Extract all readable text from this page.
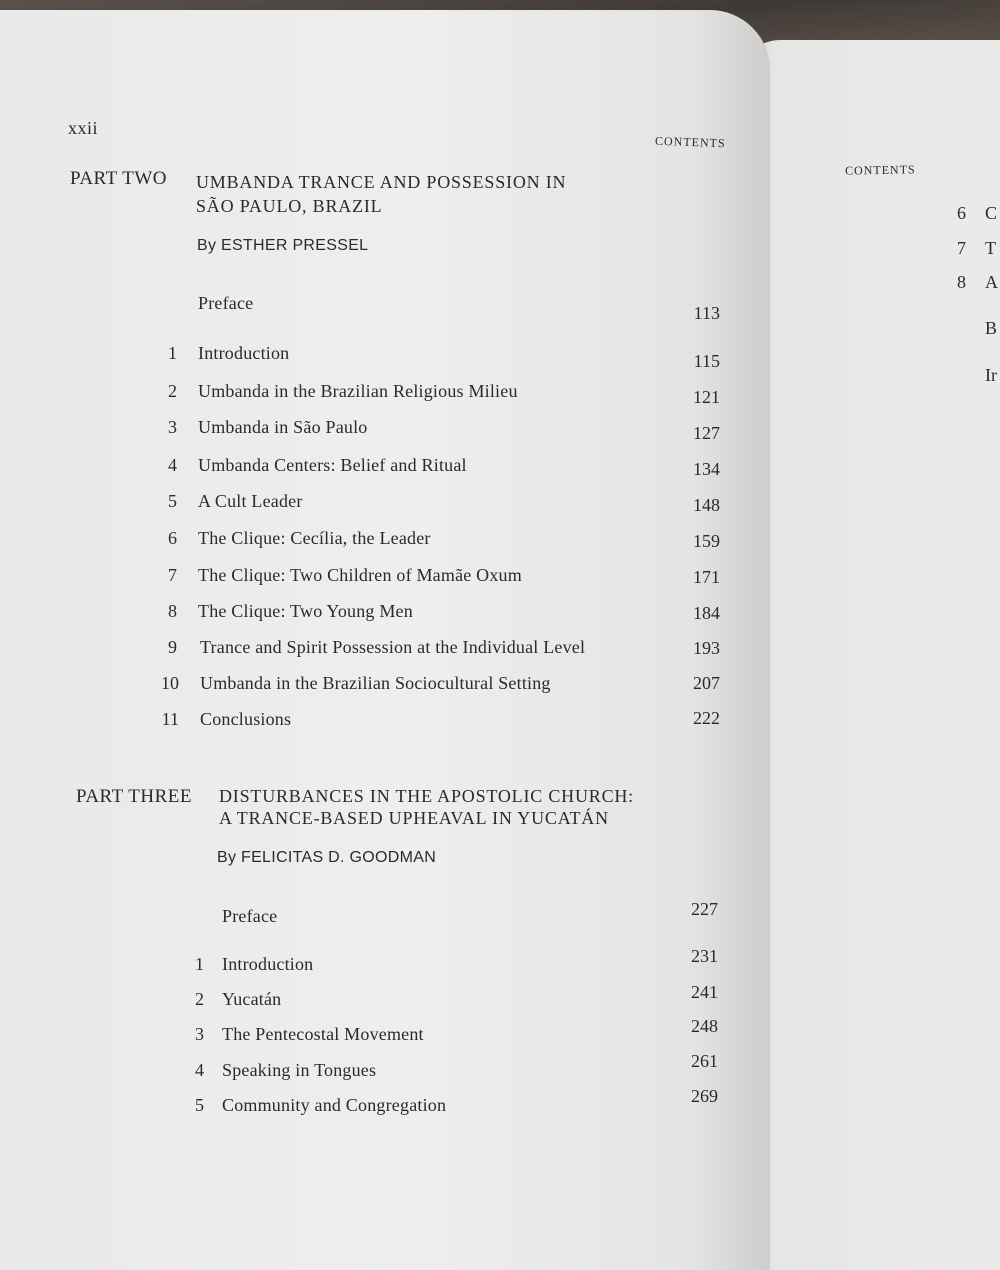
CONTENTS
6 C
7 T
8 A
B
Ir
xxii
CONTENTS
PART TWO UMBANDA TRANCE AND POSSESSION IN
SÃO PAULO, BRAZIL
By ESTHER PRESSEL
Preface	113
1 Introduction	115
2 Umbanda in the Brazilian Religious Milieu	121
3 Umbanda in São Paulo	127
4 Umbanda Centers: Belief and Ritual	134
5 A Cult Leader	148
6 The Clique: Cecília, the Leader	159
7 The Clique: Two Children of Mamãe Oxum	171
8 The Clique: Two Young Men	184
9 Trance and Spirit Possession at the Individual Level	193
10 Umbanda in the Brazilian Sociocultural Setting	207
11 Conclusions	222
PART THREE DISTURBANCES IN THE APOSTOLIC CHURCH:
A TRANCE-BASED UPHEAVAL IN YUCATÁN
By FELICITAS D. GOODMAN
Preface	227
1 Introduction	231
2 Yucatán	241
3 The Pentecostal Movement	248
4 Speaking in Tongues	261
5 Community and Congregation	269
